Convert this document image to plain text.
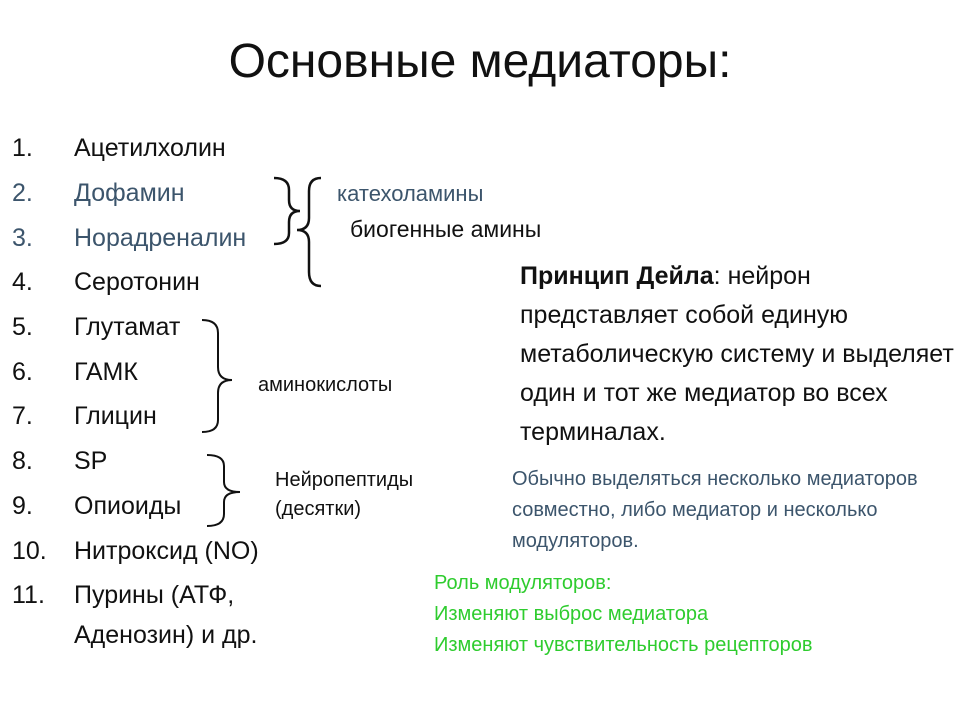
Основные медиаторы:
1. Ацетилхолин
2. Дофамин
3. Норадреналин
4. Серотонин
5. Глутамат
6. ГАМК
7. Глицин
8. SP
9. Опиоиды
10. Нитроксид (NO)
11. Пурины (АТФ,
Аденозин) и др.
катехоламины
биогенные амины
аминокислоты
Нейропептиды
(десятки)
Принцип Дейла: нейрон представляет собой единую метаболическую систему и выделяет один и тот же медиатор во всех терминалах.
Обычно выделяться несколько медиаторов совместно, либо медиатор и несколько модуляторов.
Роль модуляторов:
Изменяют выброс медиатора
Изменяют чувствительность рецепторов
